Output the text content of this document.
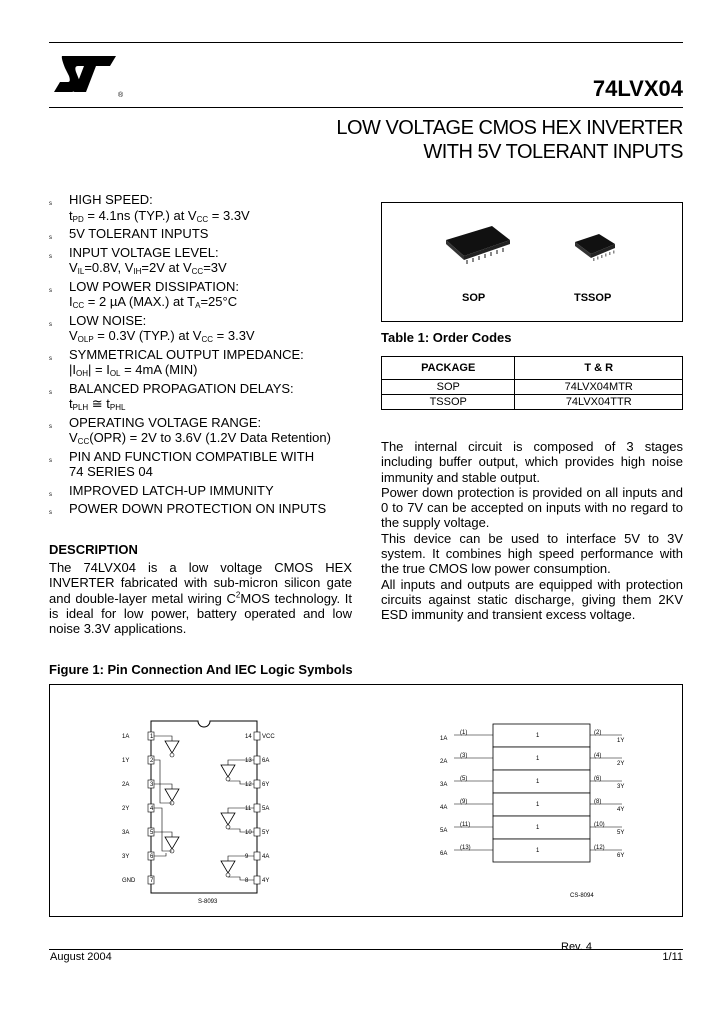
ST
®	74LVX04
LOW VOLTAGE CMOS HEX INVERTER
WITH 5V TOLERANT INPUTS
s HIGH SPEED:
$t_{PD} = 4.1ns$ (TYP.) at $V_{CC} = 3.3V$
s 5V TOLERANT INPUTS
s INPUT VOLTAGE LEVEL:
$V_{IL}=0.8V$, $V_{IH}=2V$ at $V_{CC}=3V$
s LOW POWER DISSIPATION:
$I_{CC} = 2$ µA (MAX.) at $T_A=25^\circ C$
s LOW NOISE:
$V_{OLP} = 0.3V$ (TYP.) at $V_{CC} = 3.3V$
s SYMMETRICAL OUTPUT IMPEDANCE:
$|I_{OH}| = I_{OL} = 4mA$ (MIN)
s BALANCED PROPAGATION DELAYS:
$t_{PLH}$ ≅ $t_{PHL}$
s OPERATING VOLTAGE RANGE:
$V_{CC}(OPR) = 2V$ to 3.6V (1.2V Data Retention)
s PIN AND FUNCTION COMPATIBLE WITH
74 SERIES 04
s IMPROVED LATCH-UP IMMUNITY
s POWER DOWN PROTECTION ON INPUTS
DESCRIPTION
The 74LVX04 is a low voltage CMOS HEX INVERTER fabricated with sub-micron silicon gate and double-layer metal wiring $C^2MOS$ technology. It is ideal for low power, battery operated and low noise 3.3V applications.
SOP	TSSOP
Table 1: Order Codes
PACKAGE	T & R
SOP	74LVX04MTR
TSSOP	74LVX04TTR
The internal circuit is composed of 3 stages including buffer output, which provides high noise immunity and stable output.
Power down protection is provided on all inputs and 0 to 7V can be accepted on inputs with no regard to the supply voltage.
This device can be used to interface 5V to 3V system. It combines high speed performance with the true CMOS low power consumption.
All inputs and outputs are equipped with protection circuits against static discharge, giving them 2KV ESD immunity and transient excess voltage.
Figure 1: Pin Connection And IEC Logic Symbols
1A	1	VCC
14
1Y	2	6A
13
2A	3	6Y
12
2Y	4	5A
11
3A	5	5Y
10
3Y	6	4A
9
GND 7	4Y
8
S-8093
1
1A
(1)	(2)
1Y
1
2A
(3)	(4)
2Y
1
3A
(5)	(6)
3Y
1
4A
(9)	(8)
4Y
1
5A
(11)	(10)
5Y
1
6A
(13)	(12)
6Y
CS-8094
August 2004
Rev. 4
1/11
